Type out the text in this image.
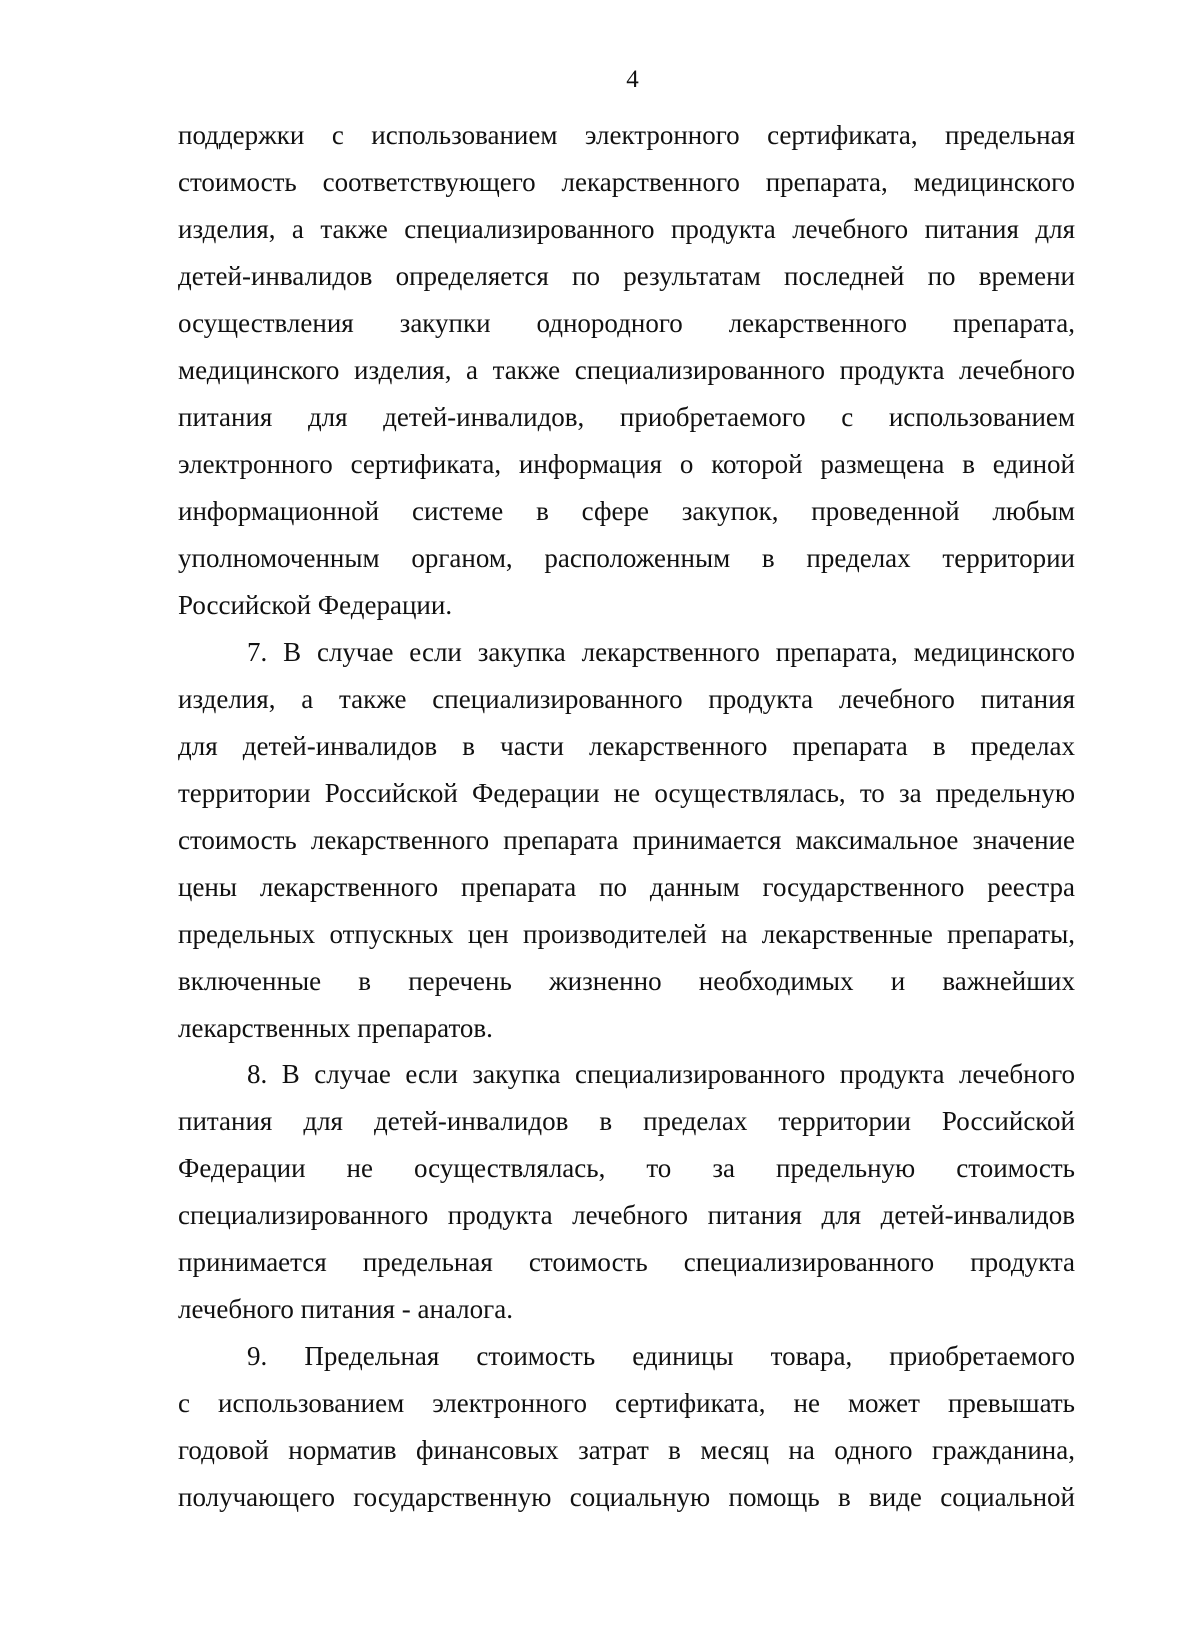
4
поддержки с использованием электронного сертификата, предельная
стоимость соответствующего лекарственного препарата, медицинского
изделия, а также специализированного продукта лечебного питания для
детей-инвалидов определяется по результатам последней по времени
осуществления закупки однородного лекарственного препарата,
медицинского изделия, а также специализированного продукта лечебного
питания для детей-инвалидов, приобретаемого с использованием
электронного сертификата, информация о которой размещена в единой
информационной системе в сфере закупок, проведенной любым
уполномоченным органом, расположенным в пределах территории
Российской Федерации.
7. В случае если закупка лекарственного препарата, медицинского
изделия, а также специализированного продукта лечебного питания
для детей-инвалидов в части лекарственного препарата в пределах
территории Российской Федерации не осуществлялась, то за предельную
стоимость лекарственного препарата принимается максимальное значение
цены лекарственного препарата по данным государственного реестра
предельных отпускных цен производителей на лекарственные препараты,
включенные в перечень жизненно необходимых и важнейших
лекарственных препаратов.
8. В случае если закупка специализированного продукта лечебного
питания для детей-инвалидов в пределах территории Российской
Федерации не осуществлялась, то за предельную стоимость
специализированного продукта лечебного питания для детей-инвалидов
принимается предельная стоимость специализированного продукта
лечебного питания - аналога.
9. Предельная стоимость единицы товара, приобретаемого
с использованием электронного сертификата, не может превышать
годовой норматив финансовых затрат в месяц на одного гражданина,
получающего государственную социальную помощь в виде социальной
